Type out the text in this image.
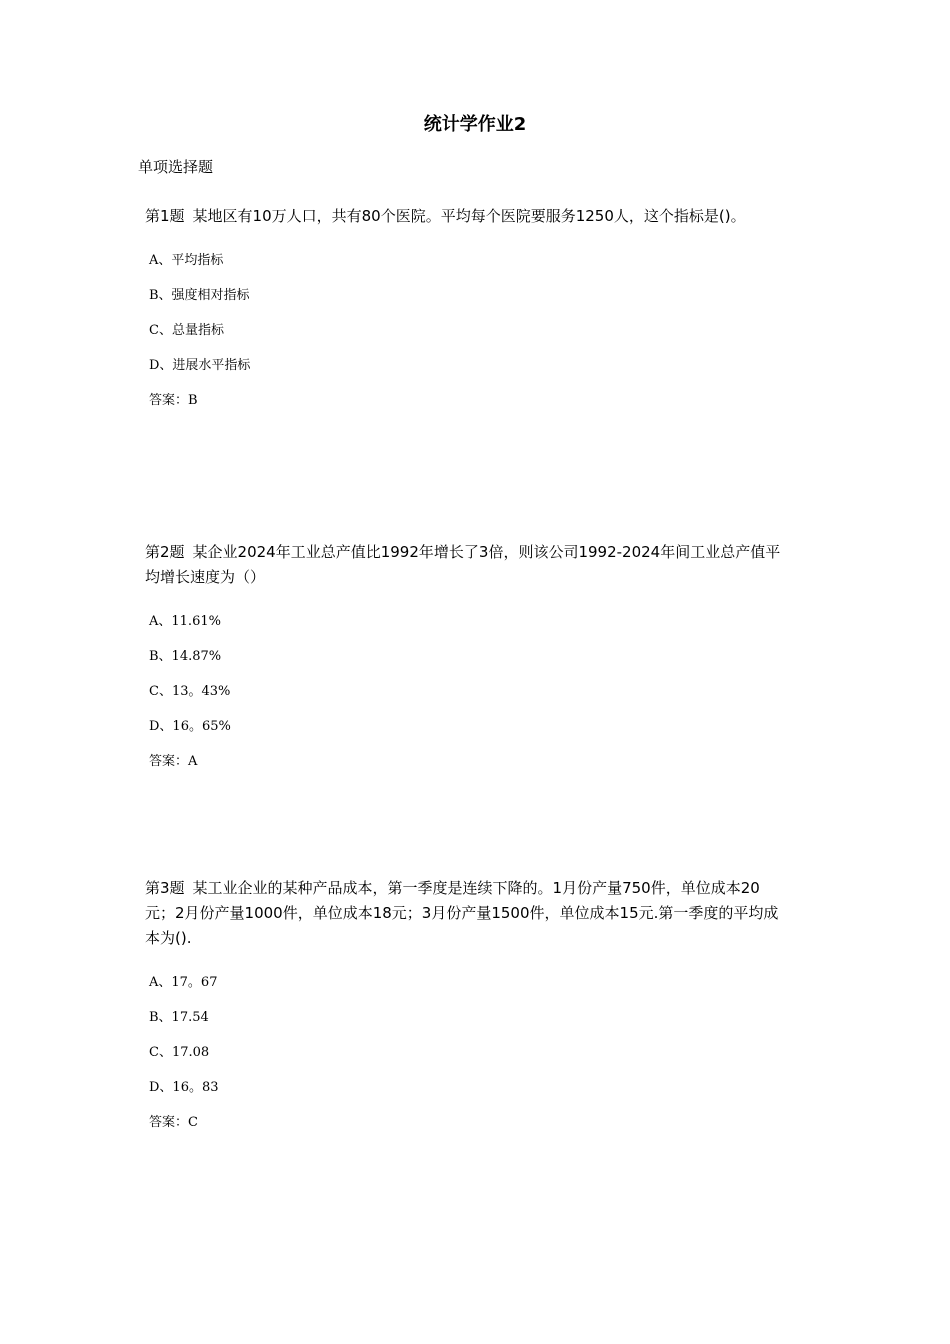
统计学作业2
单项选择题

第1题 某地区有10万人口，共有80个医院。平均每个医院要服务1250人，这个指标是()。

A、平均指标
B、强度相对指标
C、总量指标
D、进展水平指标
答案：B

第2题 某企业2024年工业总产值比1992年增长了3倍，则该公司1992-2024年间工业总产值平均增长速度为（）

A、11.61%
B、14.87%
C、13。43%
D、16。65%
答案：A

第3题 某工业企业的某种产品成本，第一季度是连续下降的。1月份产量750件，单位成本20元；2月份产量1000件，单位成本18元；3月份产量1500件，单位成本15元.第一季度的平均成本为().

A、17。67
B、17.54
C、17.08
D、16。83
答案：C
